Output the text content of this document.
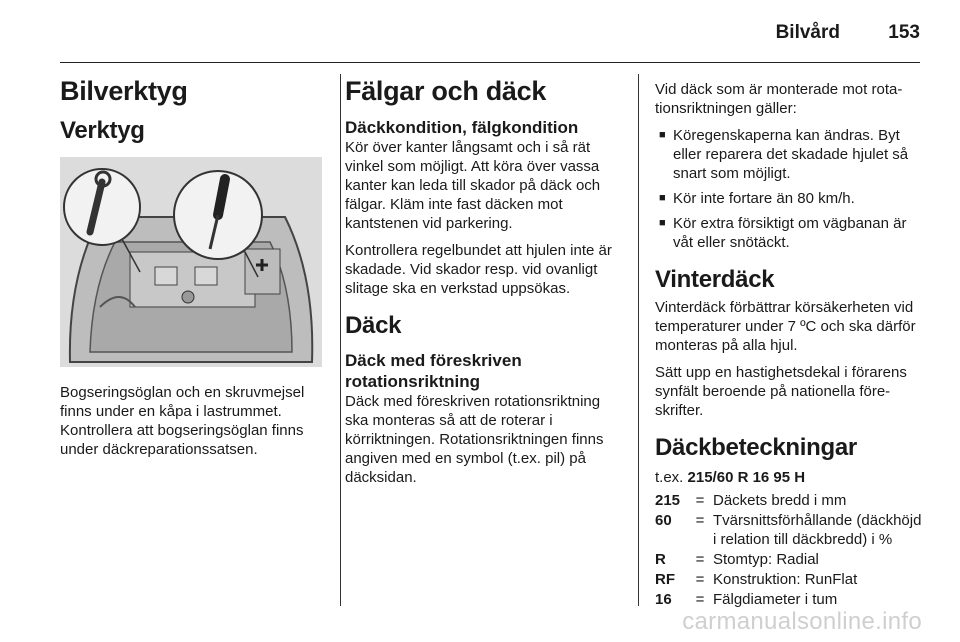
Bilvård	153
Bilverktyg
Verktyg

Bogseringsöglan och en skruvmejsel finns under en kåpa i lastrummet. Kontrollera att bogseringsöglan finns under däckreparationssatsen.

Fälgar och däck
Däckkondition, fälgkondition

Kör över kanter långsamt och i så rät vinkel som möjligt. Att köra över vassa kanter kan leda till skador på däck och fälgar. Kläm inte fast däcken mot kantstenen vid parkering.

Kontrollera regelbundet att hjulen inte är skadade. Vid skador resp. vid ovanligt slitage ska en verkstad uppsökas.

Däck
Däck med föreskriven rotationsriktning

Däck med föreskriven rotationsriktning ska monteras så att de roterar i körriktningen. Rotationsriktningen finns angiven med en symbol (t.ex. pil) på däcksidan.

Vid däck som är monterade mot rotationsriktningen gäller:

■ Köregenskaperna kan ändras. Byt eller reparera det skadade hjulet så snart som möjligt.
■ Kör inte fortare än 80 km/h.
■ Kör extra försiktigt om vägbanan är våt eller snötäckt.
Vinterdäck

Vinterdäck förbättrar körsäkerheten vid temperaturer under 7 ºC och ska därför monteras på alla hjul.

Sätt upp en hastighetsdekal i förarens synfält beroende på nationella föreskrifter.

Däckbeteckningar
t.ex. 215/60 R 16 95 H
215	=	Däckets bredd i mm
60	=	Tvärsnittsförhållande (däckhöjd i relation till däckbredd) i %
R	=	Stomtyp: Radial
RF	=	Konstruktion: RunFlat
16	=	Fälgdiameter i tum
carmanualsonline.info
